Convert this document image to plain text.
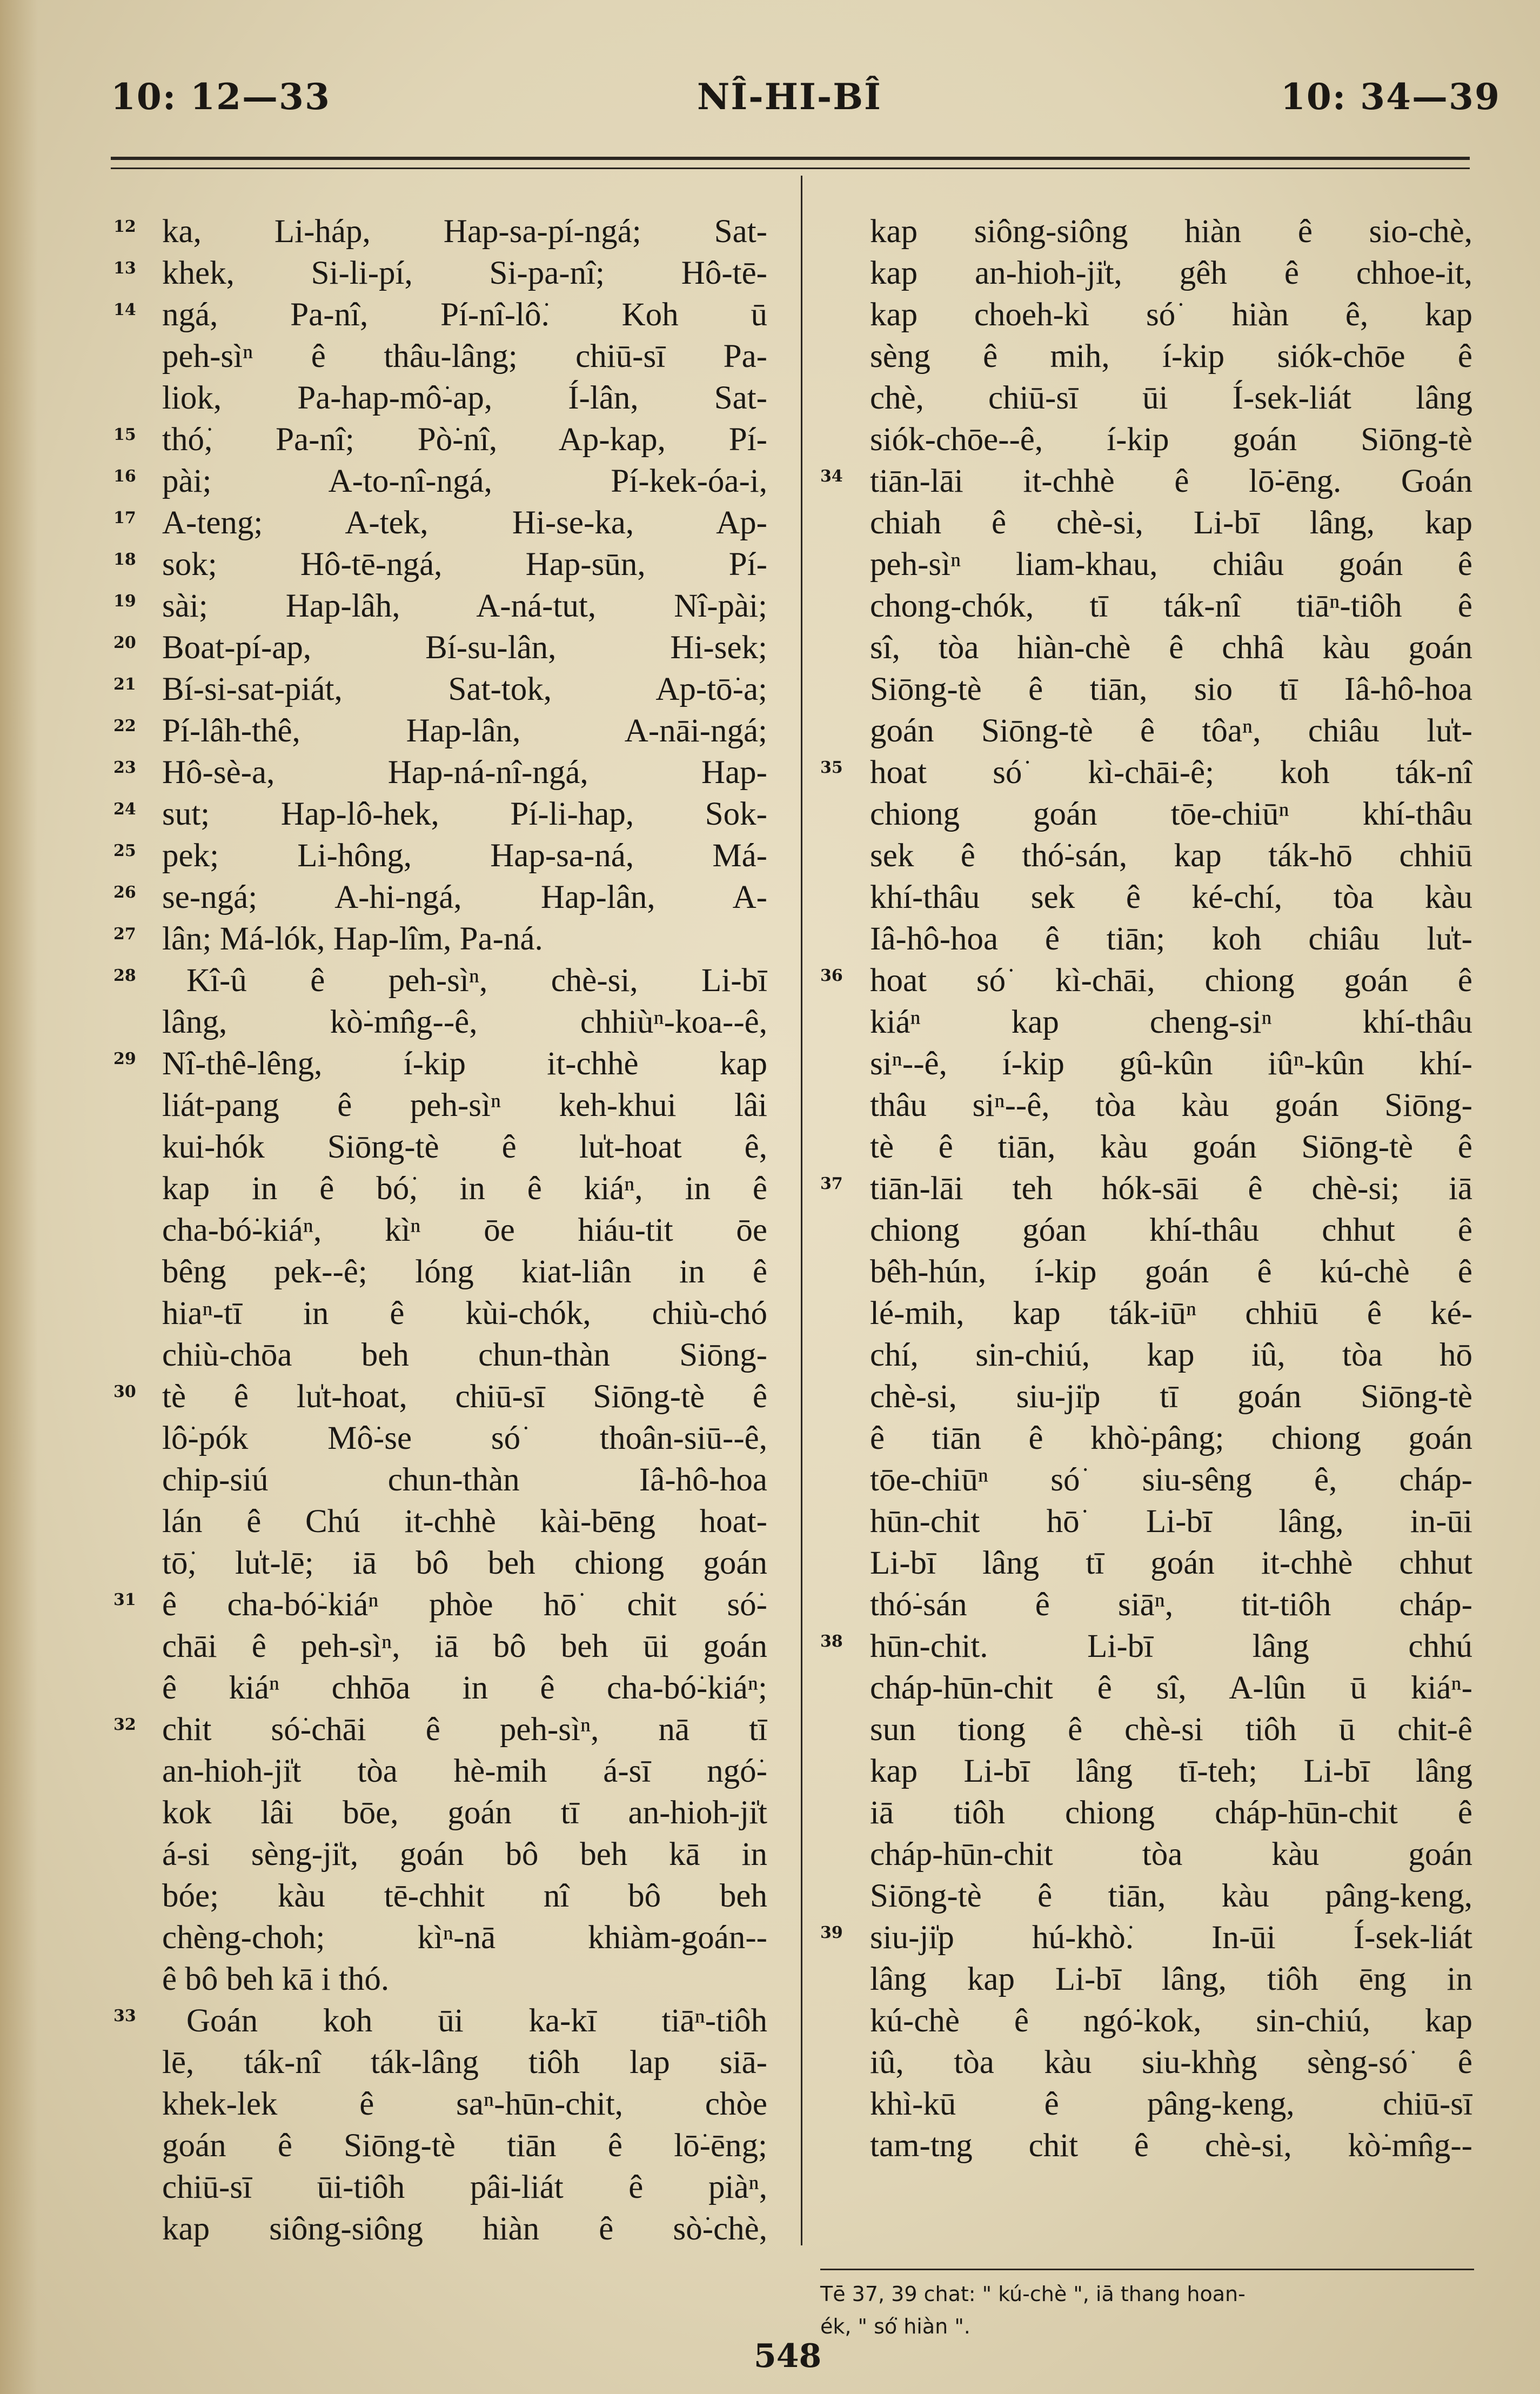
10: 12—33	NÎ-HI-BÎ	10: 34—39
ka, Li-háp, Hap-sa-pí-ngá; Sat-
khek, Si-li-pí, Si-pa-nî; Hô-tē-
ngá, Pa-nî, Pí-nî-lô͘. Koh ū
peh-sìⁿ ê thâu-lâng; chiū-sī Pa-
liok, Pa-hap-mô͘-ap, Í-lân, Sat-
thó͘, Pa-nî; Pò͘-nî, Ap-kap, Pí-
pài; A-to-nî-ngá, Pí-kek-óa-i,
A-teng; A-tek, Hi-se-ka, Ap-
sok; Hô-tē-ngá, Hap-sūn, Pí-
sài; Hap-lâh, A-ná-tut, Nî-pài;
Boat-pí-ap, Bí-su-lân, Hi-sek;
Bí-si-sat-piát, Sat-tok, Ap-tō͘-a;
Pí-lâh-thê, Hap-lân, A-nāi-ngá;
Hô-sè-a, Hap-ná-nî-ngá, Hap-
sut; Hap-lô-hek, Pí-li-hap, Sok-
pek; Li-hông, Hap-sa-ná, Má-
se-ngá; A-hi-ngá, Hap-lân, A-
lân; Má-lók, Hap-lîm, Pa-ná.
Kî-û ê peh-sìⁿ, chè-si, Li-bī
lâng, kò͘-mn̂g--ê, chhiùⁿ-koa--ê,
Nî-thê-lêng, í-kip it-chhè kap
liát-pang ê peh-sìⁿ keh-khui lâi
kui-hók Siōng-tè ê lu̍t-hoat ê,
kap in ê bó͘, in ê kiáⁿ, in ê
cha-bó͘-kiáⁿ, kìⁿ ōe hiáu-tit ōe
bêng pek--ê; lóng kiat-liân in ê
hiaⁿ-tī in ê kùi-chók, chiù-chó͘
chiù-chōa beh chun-thàn Siōng-
tè ê lu̍t-hoat, chiū-sī Siōng-tè ê
lô͘-pók Mô͘-se só͘ thoân-siū--ê,
chip-siú chun-thàn Iâ-hô-hoa
lán ê Chú it-chhè kài-bēng hoat-
tō͘, lu̍t-lē; iā bô beh chiong goán
ê cha-bó͘-kiáⁿ phòe hō͘ chit só͘-
chāi ê peh-sìⁿ, iā bô beh ūi goán
ê kiáⁿ chhōa in ê cha-bó͘-kiáⁿ;
chit só͘-chāi ê peh-sìⁿ, nā tī
an-hioh-ji̍t tòa hè-mih á-sī ngó͘-
kok lâi bōe, goán tī an-hioh-ji̍t
á-si sèng-ji̍t, goán bô beh kā in
bóe; kàu tē-chhit nî bô beh
chèng-choh; kìⁿ-nā khiàm-goán--
ê bô beh kā i thó.
Goán koh ūi ka-kī tiāⁿ-tiôh
lē, ták-nî ták-lâng tiôh lap siā-
khek-lek ê saⁿ-hūn-chit, chòe
goán ê Siōng-tè tiān ê lō͘-ēng;
chiū-sī ūi-tiôh pâi-liát ê piàⁿ,
kap siông-siông hiàn ê sò͘-chè,
12
13
14
15
16
17
18
19
20
21
22
23
24
25
26
27
28
29
30
31
32
33
kap siông-siông hiàn ê sio-chè,
kap an-hioh-ji̍t, gêh ê chhoe-it,
kap choeh-kì só͘ hiàn ê, kap
sèng ê mih, í-kip siók-chōe ê
chè, chiū-sī ūi Í-sek-liát lâng
siók-chōe--ê, í-kip goán Siōng-tè
tiān-lāi it-chhè ê lō͘-ēng. Goán
chiah ê chè-si, Li-bī lâng, kap
peh-sìⁿ liam-khau, chiâu goán ê
chong-chók, tī ták-nî tiāⁿ-tiôh ê
sî, tòa hiàn-chè ê chhâ kàu goán
Siōng-tè ê tiān, sio tī Iâ-hô-hoa
goán Siōng-tè ê tôaⁿ, chiâu lu̍t-
hoat só͘ kì-chāi-ê; koh ták-nî
chiong goán tōe-chiūⁿ khí-thâu
sek ê thó͘-sán, kap ták-hō chhiū
khí-thâu sek ê ké-chí, tòa kàu
Iâ-hô-hoa ê tiān; koh chiâu lu̍t-
hoat só͘ kì-chāi, chiong goán ê
kiáⁿ kap cheng-siⁿ khí-thâu
siⁿ--ê, í-kip gû-kûn iûⁿ-kûn khí-
thâu siⁿ--ê, tòa kàu goán Siōng-
tè ê tiān, kàu goán Siōng-tè ê
tiān-lāi teh hók-sāi ê chè-si; iā
chiong góan khí-thâu chhut ê
bêh-hún, í-kip goán ê kú-chè ê
lé-mih, kap ták-iūⁿ chhiū ê ké-
chí, sin-chiú, kap iû, tòa hō͘
chè-si, siu-ji̍p tī goán Siōng-tè
ê tiān ê khò͘-pâng; chiong goán
tōe-chiūⁿ só͘ siu-sêng ê, cháp-
hūn-chit hō͘ Li-bī lâng, in-ūi
Li-bī lâng tī goán it-chhè chhut
thó͘-sán ê siāⁿ, tit-tiôh cháp-
hūn-chit. Li-bī lâng chhú
cháp-hūn-chit ê sî, A-lûn ū kiáⁿ-
sun tiong ê chè-si tiôh ū chit-ê
kap Li-bī lâng tī-teh; Li-bī lâng
iā tiôh chiong cháp-hūn-chit ê
cháp-hūn-chit tòa kàu goán
Siōng-tè ê tiān, kàu pâng-keng,
siu-ji̍p hú-khò͘. In-ūi Í-sek-liát
lâng kap Li-bī lâng, tiôh ēng in
kú-chè ê ngó͘-kok, sin-chiú, kap
iû, tòa kàu siu-khǹg sèng-só͘ ê
khì-kū ê pâng-keng, chiū-sī
tam-tng chit ê chè-si, kò͘-mn̂g--
34
35
36
37
38
39
Tē 37, 39 chat: " kú-chè ", iā thang hoan-
ék, " só͘ hiàn ".
548
